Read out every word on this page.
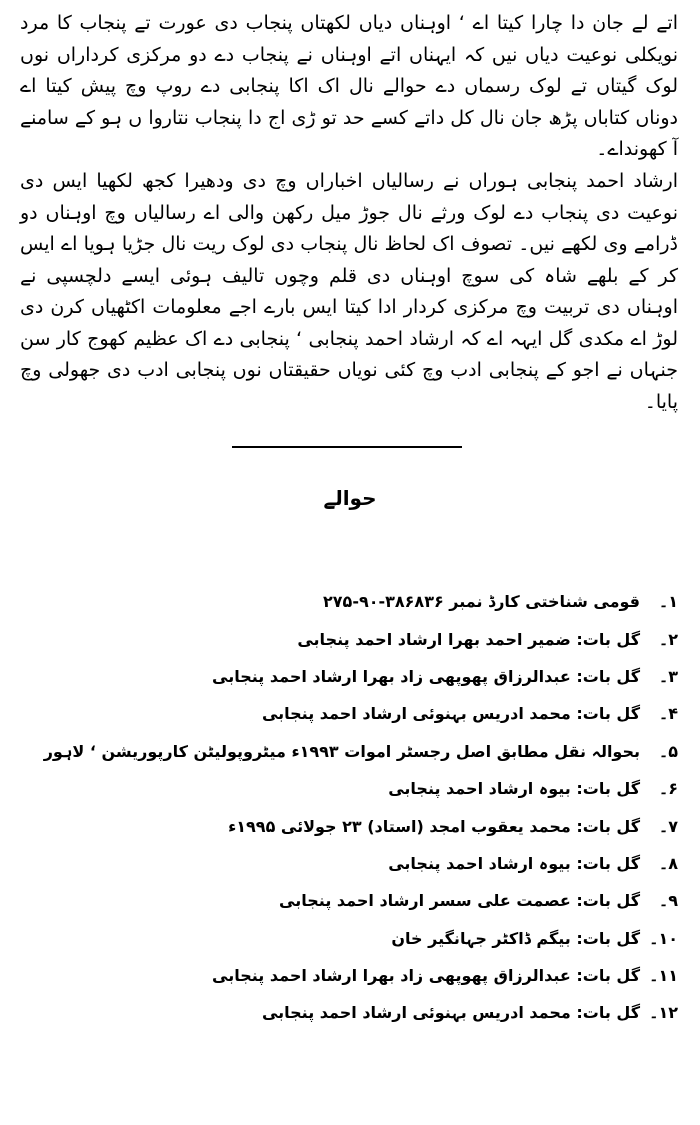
اتے لے جان دا چارا کیتا اے ‘ اوہناں دیاں لکھتاں پنجاب دی عورت تے پنجاب کا مرد نویکلی نوعیت دیاں نیں کہ ایہناں اتے اوہناں نے پنجاب دے دو مرکزی کرداراں نوں لوک گیتاں تے لوک رسماں دے حوالے نال اک اکا پنجابی دے روپ وچ پیش کیتا اے دوناں کتاباں پڑھ جان نال کل داتے کسے حد تو ڑی اج دا پنجاب نتاروا ں ہو کے سامنے آ کھونداے۔

ارشاد احمد پنجابی ہوراں نے رسالیاں اخباراں وچ دی ودھیرا کجھ لکھیا ایس دی نوعیت دی پنجاب دے لوک ورثے نال جوڑ میل رکھن والی اے رسالیاں وچ اوہناں دو ڈرامے وی لکھے نیں۔ تصوف اک لحاظ نال پنجاب دی لوک ریت نال جڑیا ہویا اے ایس کر کے بلھے شاہ کی سوچ اوہناں دی قلم وچوں تالیف ہوئی ایسے دلچسپی نے اوہناں دی تربیت وچ مرکزی کردار ادا کیتا ایس بارے اجے معلومات اکٹھیاں کرن دی لوڑ اے مکدی گل ایہہ اے کہ ارشاد احمد پنجابی ‘ پنجابی دے اک عظیم کھوج کار سن جنہاں نے اجو کے پنجابی ادب وچ کئی نویاں حقیقتاں نوں پنجابی ادب دی جھولی وچ پایا۔

حوالے
۱۔
قومی شناختی کارڈ نمبر ۳۸۶۸۳۶-۹۰-۲۷۵
۲۔
گل بات: ضمیر احمد بھرا ارشاد احمد پنجابی
۳۔
گل بات: عبدالرزاق پھوپھی زاد بھرا ارشاد احمد پنجابی
۴۔
گل بات: محمد ادریس بہنوئی ارشاد احمد پنجابی
۵۔
بحوالہ نقل مطابق اصل رجسٹر اموات ۱۹۹۳ء میٹروپولیٹن کارپوریشن ‘ لاہور
۶۔
گل بات: بیوہ ارشاد احمد پنجابی
۷۔
گل بات: محمد یعقوب امجد (استاد) ۲۳ جولائی ۱۹۹۵ء
۸۔
گل بات: بیوہ ارشاد احمد پنجابی
۹۔
گل بات: عصمت علی سسر ارشاد احمد پنجابی
۱۰۔
گل بات: بیگم ڈاکٹر جہانگیر خان
۱۱۔
گل بات: عبدالرزاق پھوپھی زاد بھرا ارشاد احمد پنجابی
۱۲۔
گل بات: محمد ادریس بہنوئی ارشاد احمد پنجابی
